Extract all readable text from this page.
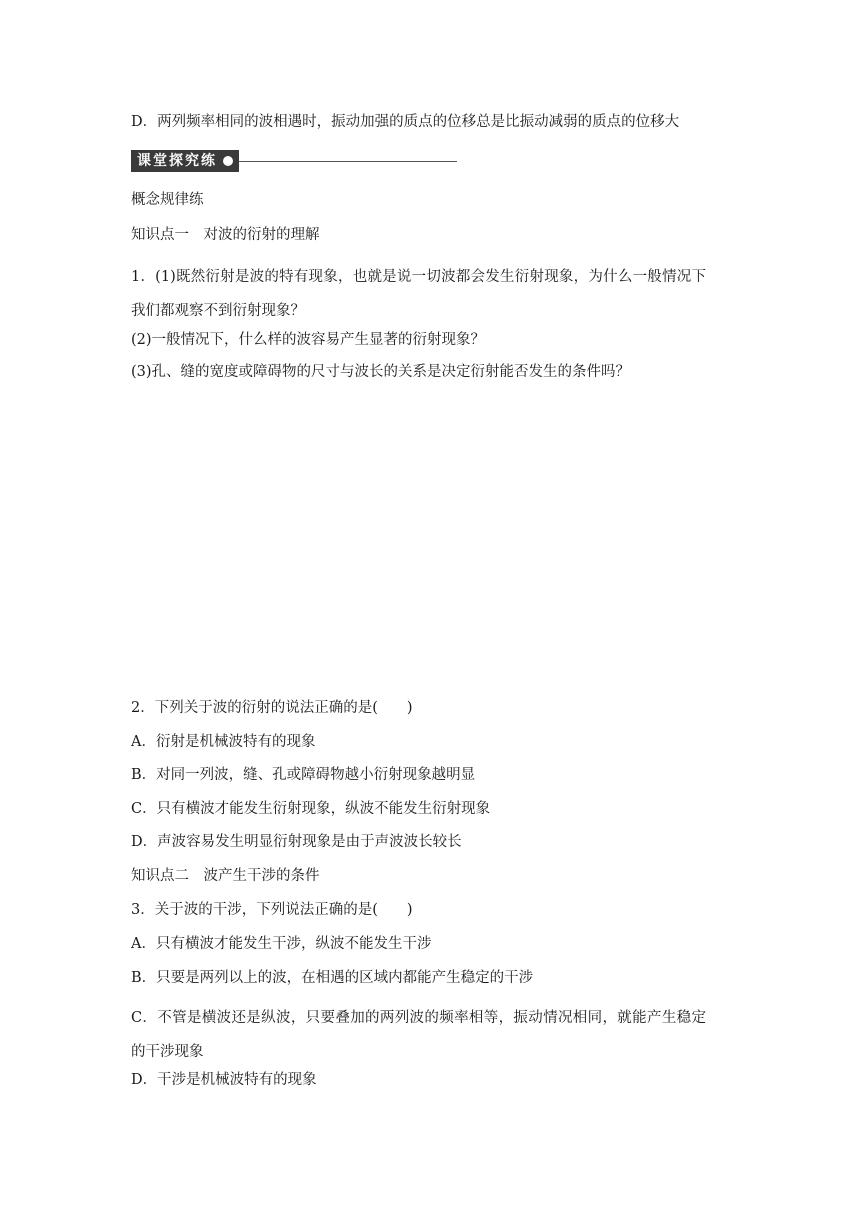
D．两列频率相同的波相遇时，振动加强的质点的位移总是比振动减弱的质点的位移大
课堂探究练
概念规律练
知识点一　对波的衍射的理解
1．(1)既然衍射是波的特有现象，也就是说一切波都会发生衍射现象，为什么一般情况下我们都观察不到衍射现象？
(2)一般情况下，什么样的波容易产生显著的衍射现象？
(3)孔、缝的宽度或障碍物的尺寸与波长的关系是决定衍射能否发生的条件吗？
2．下列关于波的衍射的说法正确的是(　　)
A．衍射是机械波特有的现象
B．对同一列波，缝、孔或障碍物越小衍射现象越明显
C．只有横波才能发生衍射现象，纵波不能发生衍射现象
D．声波容易发生明显衍射现象是由于声波波长较长
知识点二　波产生干涉的条件
3．关于波的干涉，下列说法正确的是(　　)
A．只有横波才能发生干涉，纵波不能发生干涉
B．只要是两列以上的波，在相遇的区域内都能产生稳定的干涉
C．不管是横波还是纵波，只要叠加的两列波的频率相等，振动情况相同，就能产生稳定的干涉现象
D．干涉是机械波特有的现象
